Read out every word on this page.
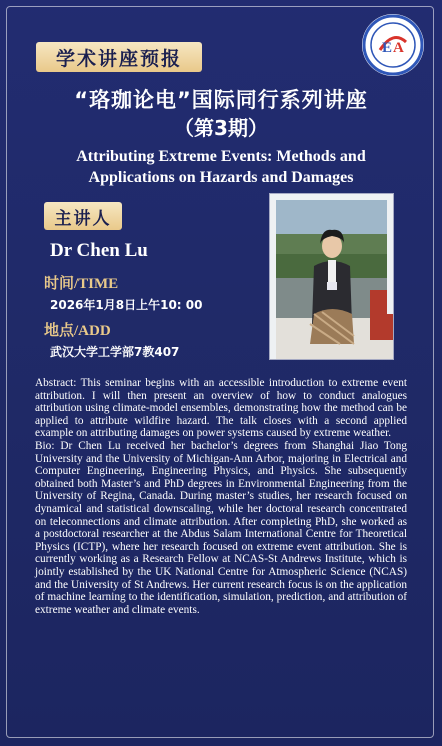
学术讲座预报	E A
“珞珈论电”国际同行系列讲座
（第3期）
Attributing Extreme Events: Methods and Applications on Hazards and Damages
主讲人
Dr Chen Lu
时间/TIME
2026年1月8日上午10: 00
地点/ADD
武汉大学工学部7教407

Abstract: This seminar begins with an accessible introduction to extreme event attribution. I will then present an overview of how to conduct analogues attribution using climate-model ensembles, demonstrating how the method can be applied to attribute wildfire hazard. The talk closes with a second applied example on attributing damages on power systems caused by extreme weather.

Bio: Dr Chen Lu received her bachelor’s degrees from Shanghai Jiao Tong University and the University of Michigan-Ann Arbor, majoring in Electrical and Computer Engineering, Engineering Physics, and Physics. She subsequently obtained both Master’s and PhD degrees in Environmental Engineering from the University of Regina, Canada. During master’s studies, her research focused on dynamical and statistical downscaling, while her doctoral research concentrated on teleconnections and climate attribution. After completing PhD, she worked as a postdoctoral researcher at the Abdus Salam International Centre for Theoretical Physics (ICTP), where her research focused on extreme event attribution. She is currently working as a Research Fellow at NCAS-St Andrews Institute, which is jointly established by the UK National Centre for Atmospheric Science (NCAS) and the University of St Andrews. Her current research focus is on the application of machine learning to the identification, simulation, prediction, and attribution of extreme weather and climate events.
